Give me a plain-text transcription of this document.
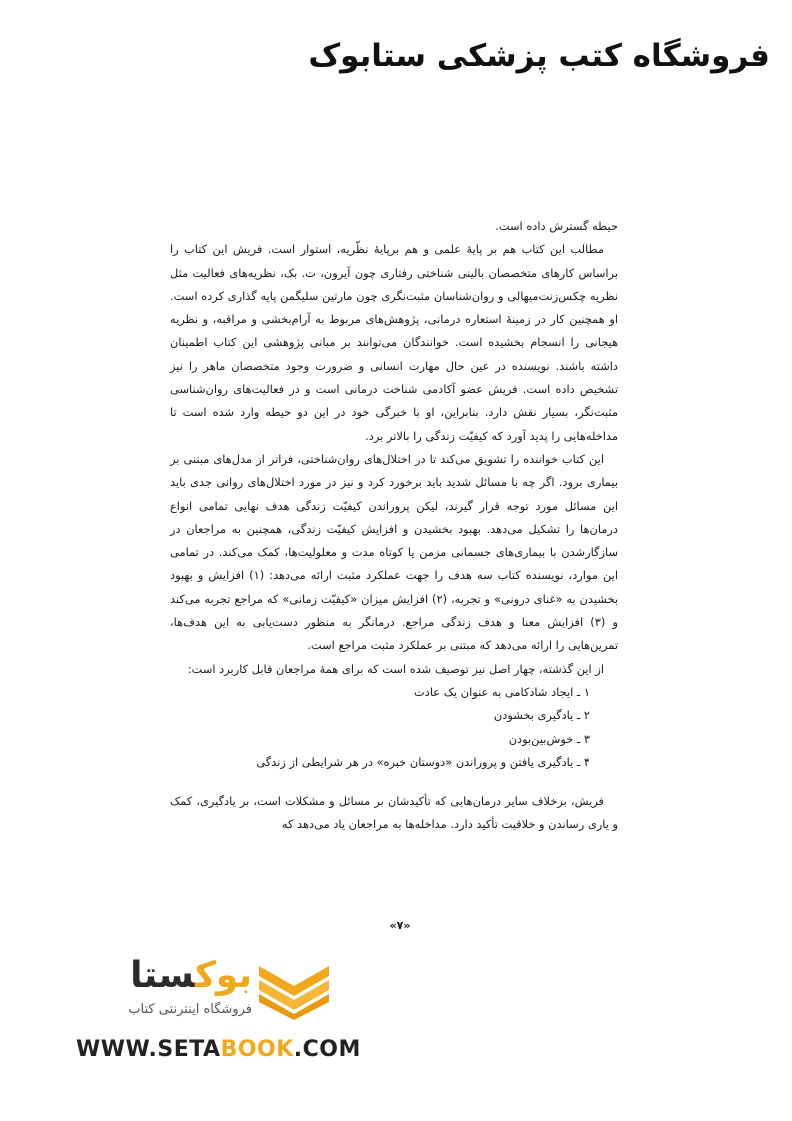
فروشگاه کتب پزشکی ستابوک

حیطه گسترش داده است.

مطالب این کتاب هم بر پایهٔ علمی و هم برپایهٔ نظّریه، استوار است. فریش این کتاب را براساس کارهای متخصصان بالینی شناختی رفتاری چون آیرون، ت. بک، نظریه‌های فعالیت مثل نظریه چکس‌زنت‌میهالی و روان‌شناسان مثبت‌نگری چون مارتین سلیگمن پایه گذاری کرده است. او همچنین کار در زمینهٔ استعاره درمانی، پژوهش‌های مربوط به آرام‌بخشی و مراقبه، و نظریه هیجانی را انسجام بخشیده است. خوانندگان می‌توانند بر مبانی پژوهشی این کتاب اطمینان داشته باشند. نویسنده در عین حال مهارت انسانی و ضرورت وجود متخصصان ماهر را نیز تشخیص داده است. فریش عضو آکادمی شناخت درمانی است و در فعالیت‌های روان‌شناسی مثبت‌نگر، بسیار نقش دارد. بنابراین، او با خبرگی خود در این دو حیطه وارد شده است تا مداخله‌هایی را پدید آورد که کیفیّت زندگی را بالاتر برد.

این کتاب خواننده را تشویق می‌کند تا در اختلال‌های روان‌شناختی، فراتر از مدل‌های مبتنی بر بیماری برود. اگر چه با مسائل شدید باید برخورد کرد و نیز در مورد اختلال‌های روانی جدی باید این مسائل مورد توجه قرار گیرند، لیکن پروراندن کیفیّت زندگی هدف نهایی تمامی انواع درمان‌ها را تشکیل می‌دهد. بهبود بخشیدن و افزایش کیفیّت زندگی، همچنین به مراجعان در سازگارشدن با بیماری‌های جسمانی مزمن یا کوتاه مدت و معلولیت‌ها، کمک می‌کند. در تمامی این موارد، نویسنده کتاب سه هدف را جهت عملکرد مثبت ارائه می‌دهد: (۱) افزایش و بهبود بخشیدن به «غنای درونی» و تجربه، (۲) افزایش میزان «کیفیّت زمانی» که مراجع تجربه می‌کند و (۳) افزایش معنا و هدف زندگی مراجع. درمانگر به منظور دست‌یابی به این هدف‌ها، تمرین‌هایی را ارائه می‌دهد که مبتنی بر عملکرد مثبت مراجع است.

از این گذشته، چهار اصل نیز توصیف شده است که برای همهٔ مراجعان قابل کاربرد است:

۱ ـ ایجاد شادکامی به عنوان یک عادت
۲ ـ یادگیری بخشودن
۳ ـ خوش‌بین‌بودن
۴ ـ یادگیری یافتن و پروراندن «دوستان خبره» در هر شرایطی از زندگی

فریش، برخلاف سایر درمان‌هایی که تأکیدشان بر مسائل و مشکلات است، بر یادگیری، کمک و یاری رساندن و خلاقیت تأکید دارد. مداخله‌ها به مراجعان یاد می‌دهد که

«۷»
بوکستا
فروشگاه اینترنتی کتاب
WWW.SETABOOK.COM
